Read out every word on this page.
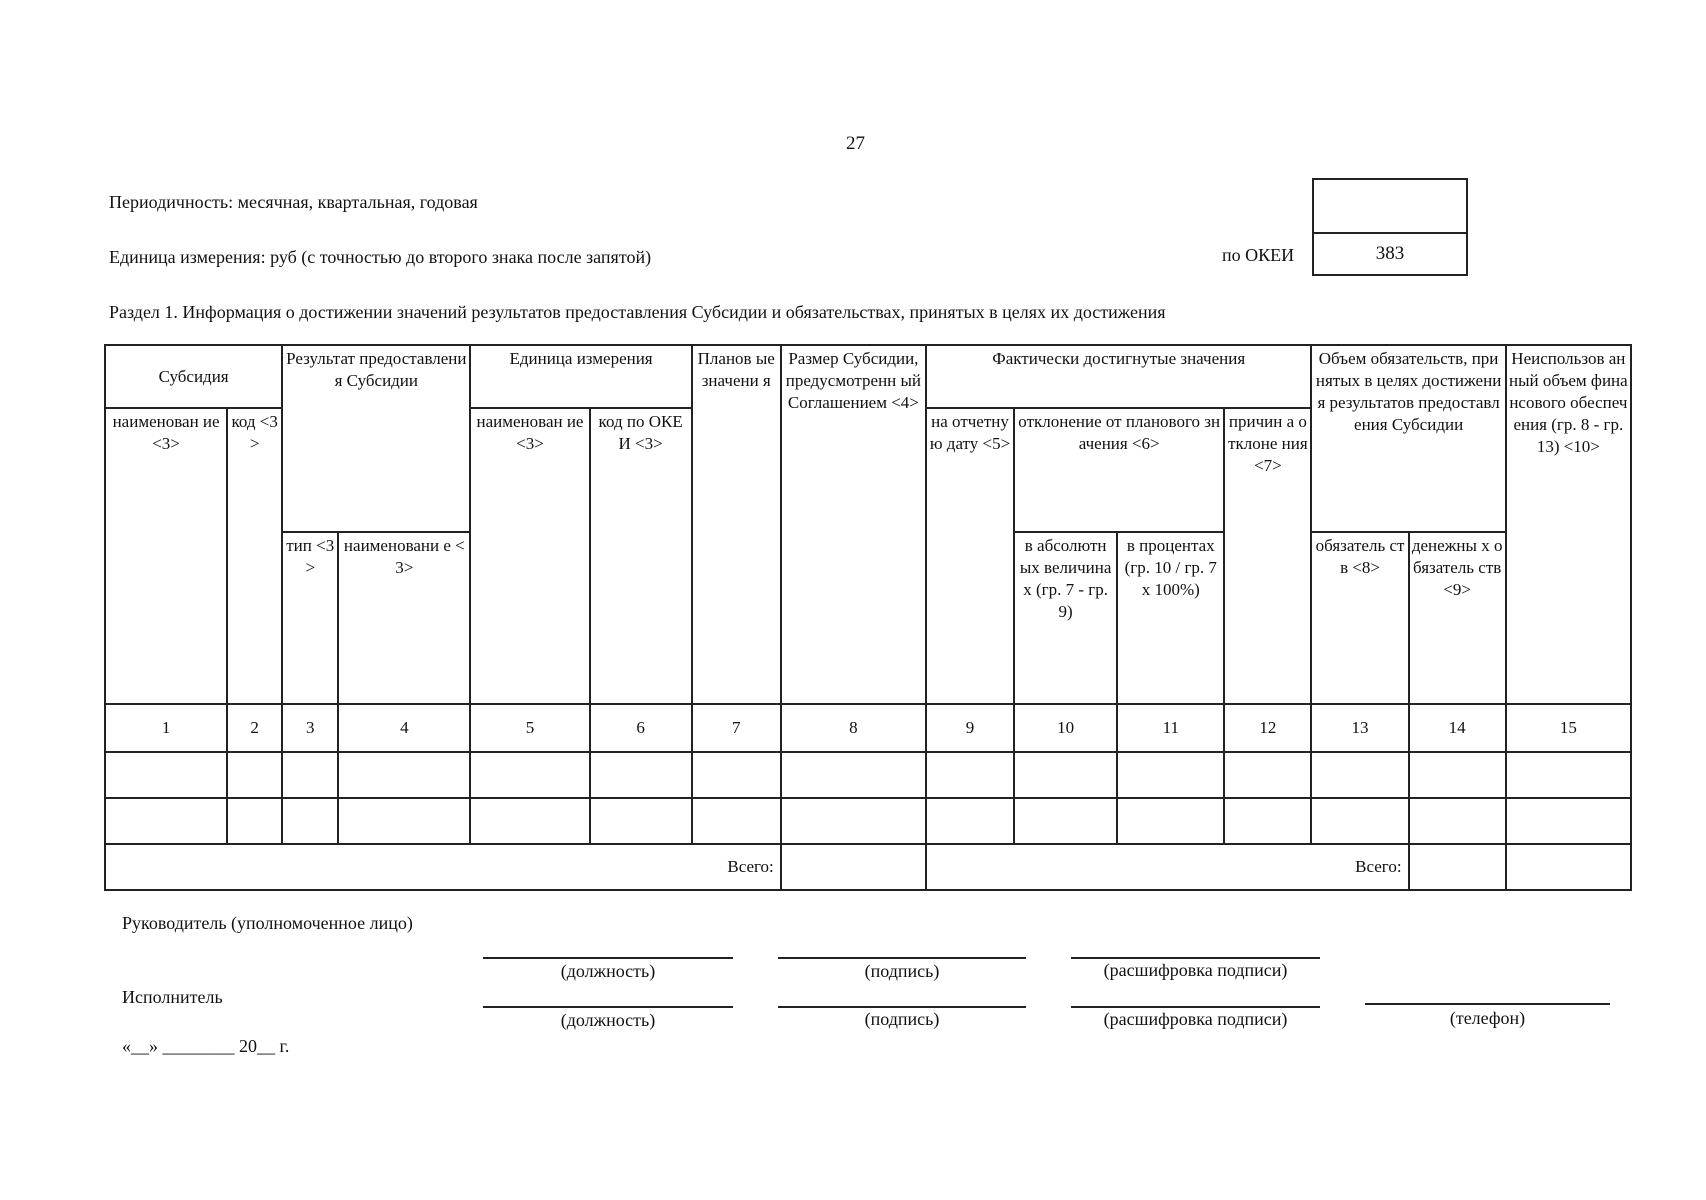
27
Периодичность: месячная, квартальная, годовая
Единица измерения: руб (с точностью до второго знака после запятой)	по ОКЕИ	383
Раздел 1. Информация о достижении значений результатов предоставления Субсидии и обязательствах, принятых в целях их достижения
Субсидия		Результат предоставления Субсидии		Единица измерения		Планов ые значени я	Размер Субсидии, предусмотренн ый Соглашением <4>	Фактически достигнутые значения				Объем обязательств, принятых в целях достижения результатов предоставления Субсидии		Неиспользов анный объем финансового обеспечения (гр. 8 - гр. 13) <10>
наименован ие <3>	код <3>			наименован ие <3>	код по ОКЕИ <3>			на отчетну ю дату <5>	отклонение от планового значения <6>		причин а отклоне ния <7>			
		тип <3>	наименовани е <3>						в абсолютн ых величинах (гр. 7 - гр. 9)	в процентах (гр. 10 / гр. 7 х 100%)		обязатель ств <8>	денежны х обязатель ств <9>	
1	2	3	4	5	6	7	8	9	10	11	12	13	14	15

Всего:								Всего:						
Руководитель (уполномоченное лицо)
(должность)	(подпись)	(расшифровка подписи)
Исполнитель
(должность)	(подпись)	(расшифровка подписи)	(телефон)
«__» ________ 20__ г.
